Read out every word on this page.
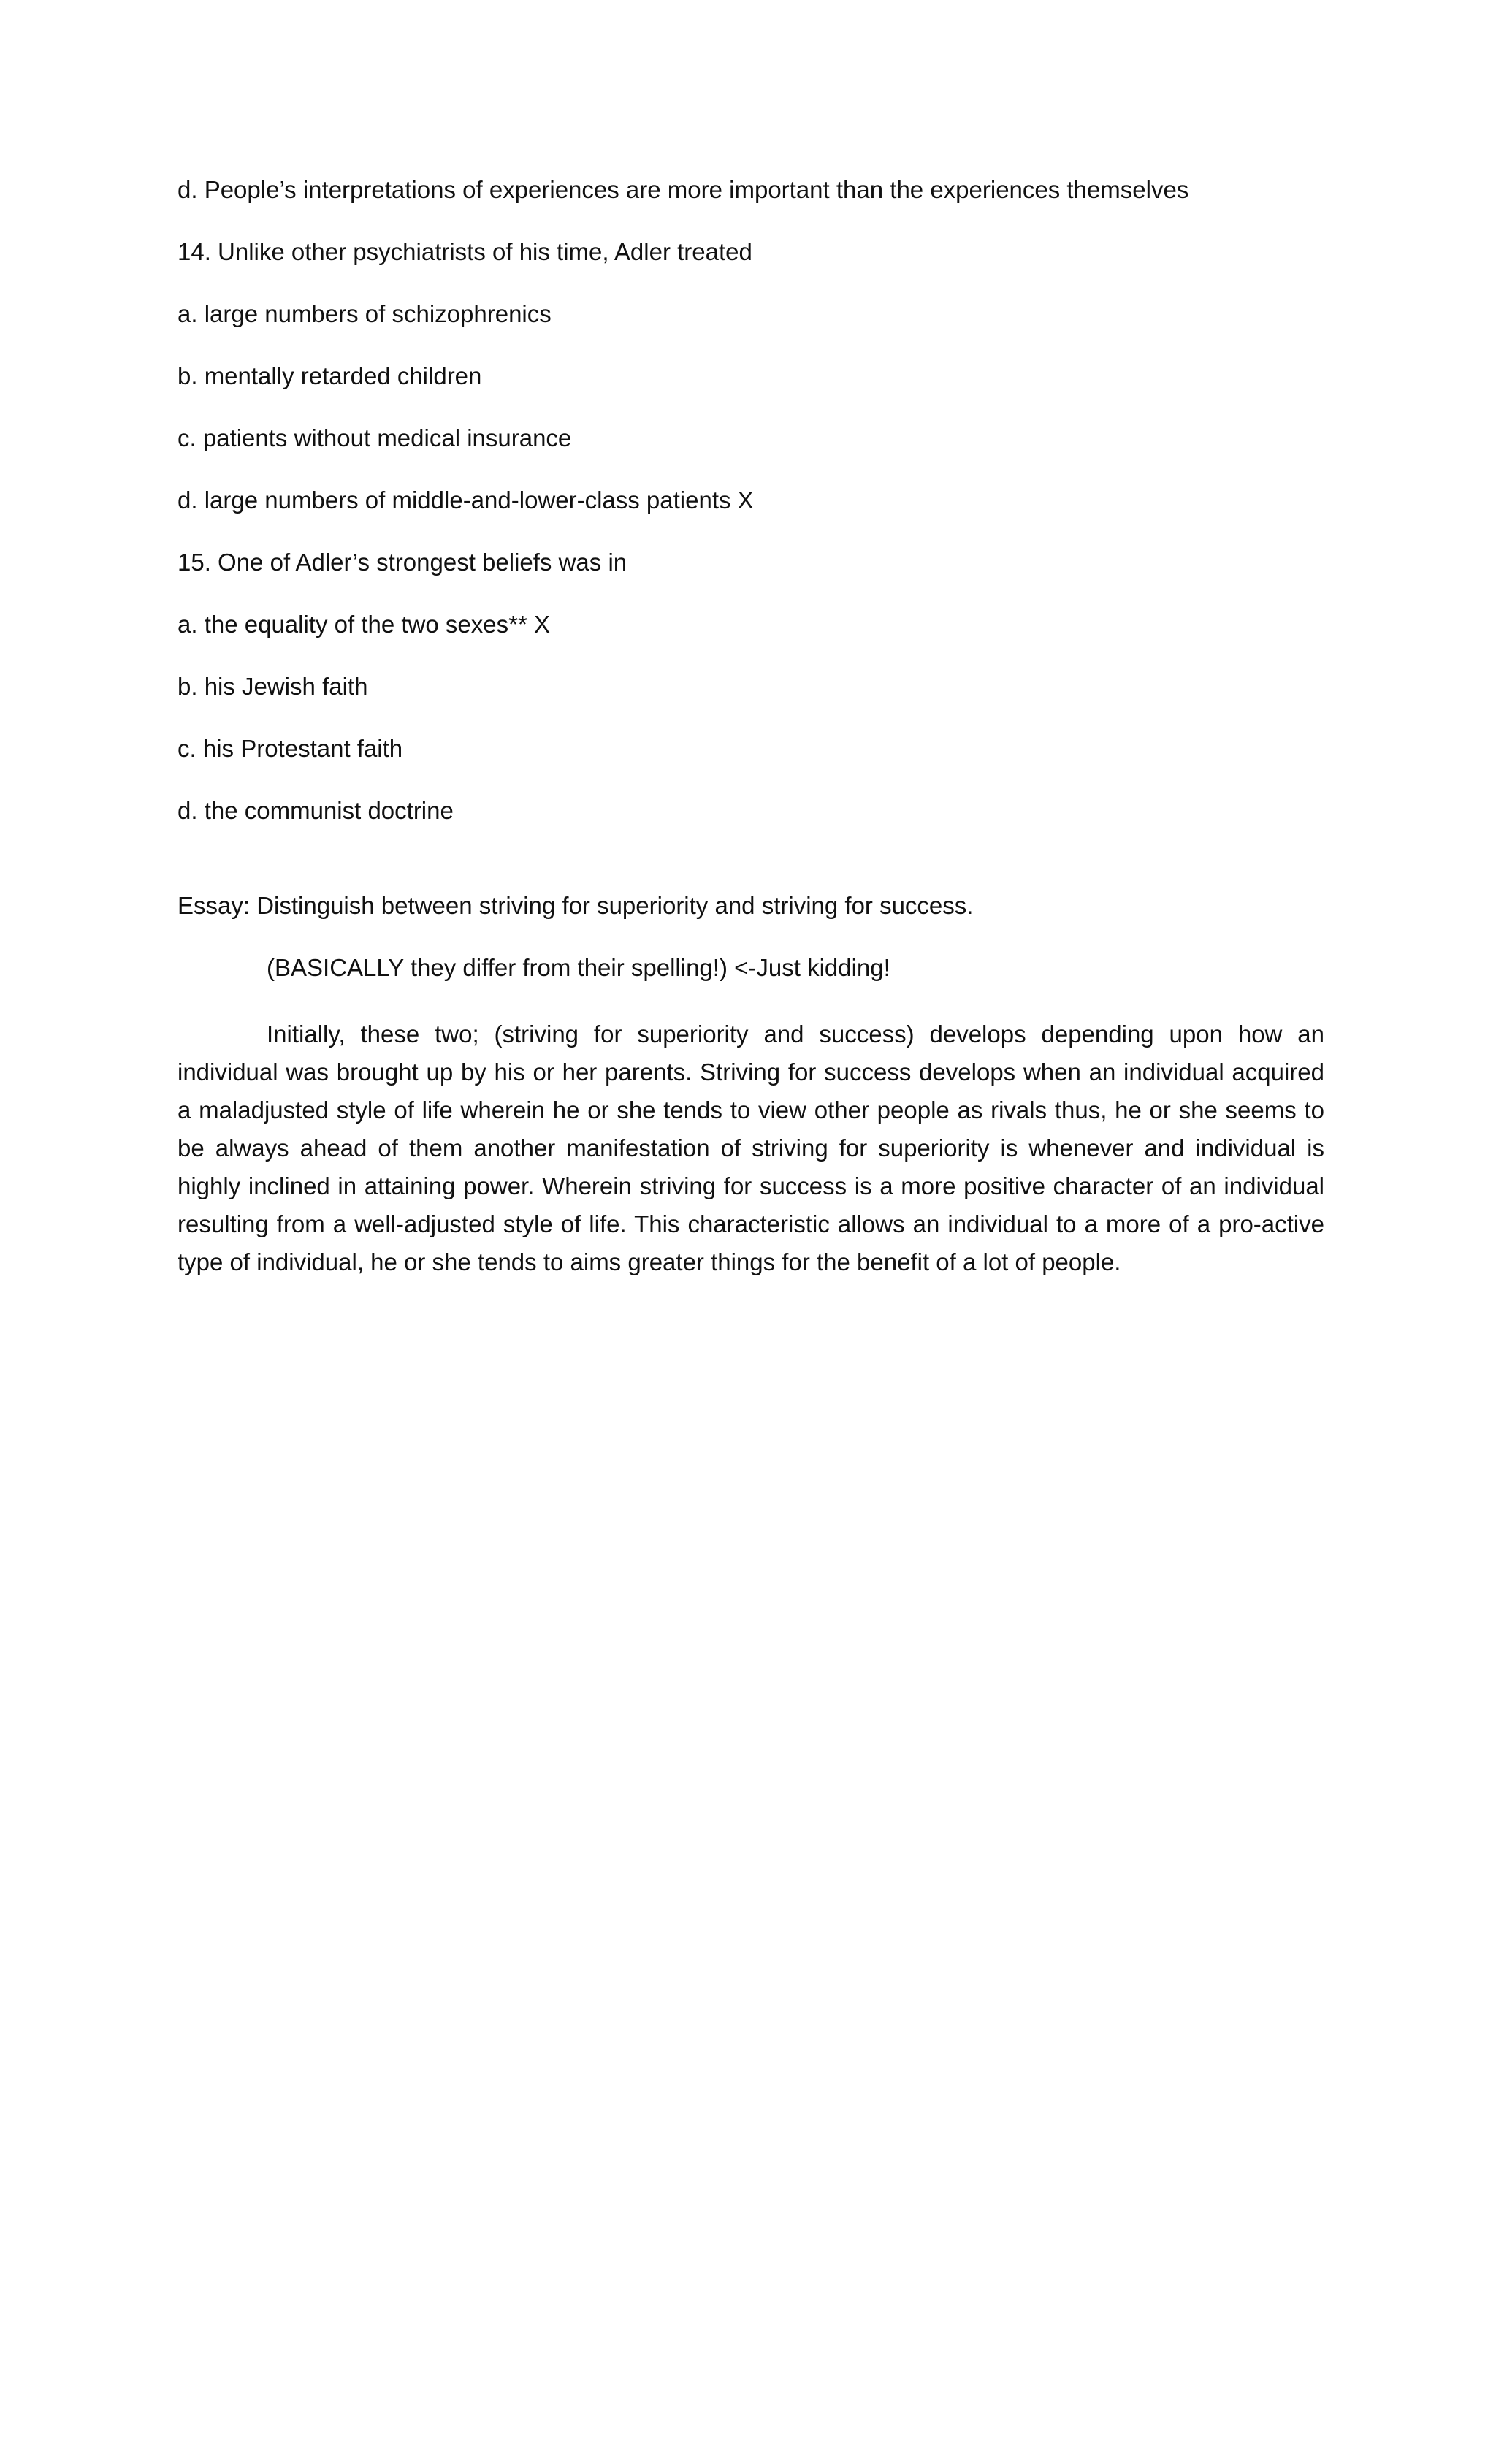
d. People’s interpretations of experiences are more important than the experiences themselves

14. Unlike other psychiatrists of his time, Adler treated

a. large numbers of schizophrenics

b. mentally retarded children

c. patients without medical insurance

d. large numbers of middle-and-lower-class patients X

15. One of Adler’s strongest beliefs was in

a. the equality of the two sexes** X

b. his Jewish faith

c. his Protestant faith

d. the communist doctrine

Essay: Distinguish between striving for superiority and striving for success.

(BASICALLY they differ from their spelling!) <-Just kidding!

Initially, these two; (striving for superiority and success) develops depending upon how an individual was brought up by his or her parents. Striving for success develops when an individual acquired a maladjusted style of life wherein he or she tends to view other people as rivals thus, he or she seems to be always ahead of them another manifestation of striving for superiority is whenever and individual is highly inclined in attaining power. Wherein striving for success is a more positive character of an individual resulting from a well-adjusted style of life. This characteristic allows an individual to a more of a pro-active type of individual, he or she tends to aims greater things for the benefit of a lot of people.
